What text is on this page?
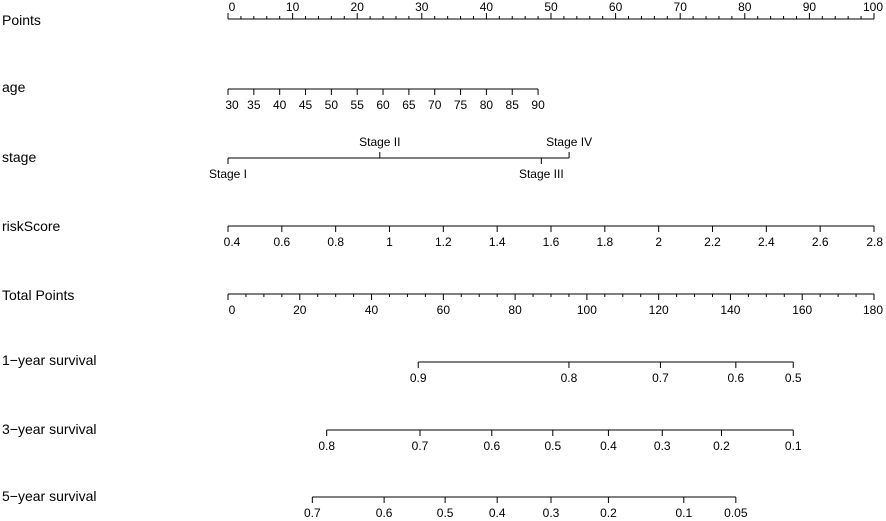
Points
age
stage
riskScore
Total Points
1−year survival
3−year survival
5−year survival
0	10	20	30	40	50	60	70	80	90	100
30 35 40 45 50 55 60 65 70 75 80 85 90
Stage I
Stage II
Stage III
Stage IV
0.4	0.6	0.8	1	1.2	1.4	1.6	1.8	2	2.2	2.4	2.6	2.8
0	20	40	60	80	100	120	140	160	180
0.9	0.8	0.7	0.6	0.5
0.8	0.7	0.6	0.5	0.4	0.3	0.2	0.1
0.7	0.6	0.5	0.4	0.3	0.2	0.1	0.05
